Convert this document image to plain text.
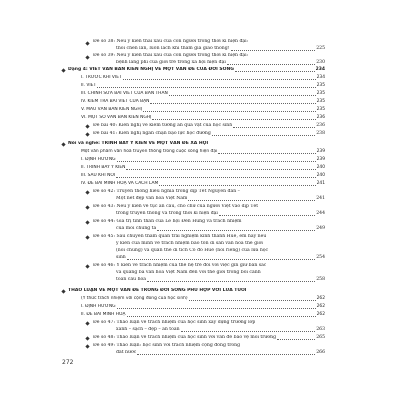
Đề số 38: Nêu ý kiến thái xấu của con người trong thời kì hiện đại:
thói chen lấn, luồn lách khi tham gia giao thông!	225
Đề số 39: Nêu ý kiến thái xấu của con người trong thời kì hiện đại:
bệnh lãng phí của giới trẻ trong xã hội hiện đại	230
Dạng 4: VIẾT VĂN BẢN KIẾN NGHỊ VỀ MỘT VẤN ĐỀ CỦA ĐỜI SỐNG	234
I. TRƯỚC KHI VIẾT	234
II. VIẾT	235
III. CHỈNH SỬA BÀI VIẾT CỦA BẢN THÂN	235
IV. KIỂM TRA BÀI VIẾT CỦA BẠN	235
V. MẪU VĂN BẢN KIẾN NGHỊ	235
VI. MỘT SỐ VĂN BẢN KIẾN NGHỊ	236
Đề bài 40: Kiến nghị về kiểm tương ăn quá vật của học sinh	236
Đề bài 41: Kiến nghị ngăn chặn bạo lực học đường	238
Nói và nghe: TRÌNH BÀY Ý KIẾN VỀ MỘT VẤN ĐỀ XÃ HỘI
Một văn phẩm văn hoá truyền thống trong cuộc sống hiện đại	239
I. ĐỊNH HƯỚNG	239
II. TRÌNH BÀY Ý KIẾN	240
III. SAU KHI NÓI	240
IV. ĐỀ BÀI MINH HOẠ VÀ CÁCH LÀM	241
Đề số 42: Truyền thống hiếu nghĩa trong dịp Tết Nguyên đán –
Một nét đẹp văn hóa Việt Nam	241
Đề số 43: Nêu ý kiến về tục ăn cầu, cho chữ của người Việt vào dịp Tết
trong truyền thống và trong thời kì hiện đại	244
Đề số 44: Giá trị tinh thần của Lễ hội Đền Hùng và trách nhiệm
của mỗi chúng ta	249
Đề số 45: Sau chuyến tham quan trải nghiệm kinh thành Huế, em hãy nêu
ý kiến của mình về trách nhiệm bảo tồn di sản văn hóa thế giới
(nói chung) và quần thể di tích Cố đô Huế (nói riêng) của lứa học
sinh	254
Đề số 46: Ý kiến về trách nhiệm của thế hệ trẻ đối với việc gìn giữ bản sắc
và quảng bá văn hóa Việt Nam đến với thế giới trong bối cảnh
toàn cầu hóa	258
THẢO LUẬN VỀ MỘT VẤN ĐỀ TRONG ĐỜI SỐNG PHÙ HỢP VỚI LỨA TUỔI
(Ý thức trách nhiệm với cộng đồng của học sinh)	262
I. ĐỊNH HƯỚNG	262
II. ĐỀ BÀI MINH HOẠ	262
Đề số 47: Thảo luận về trách nhiệm của học sinh xây dựng trường lớp
xanh – sạch – đẹp – an toàn	263
Đề số 48: Thảo luận về trách nhiệm của học sinh với vấn đề bảo vệ môi trường	265
Đề số 49: Thảo luận: học sinh với trách nhiệm cộng đồng trong
đất nước	266
272
